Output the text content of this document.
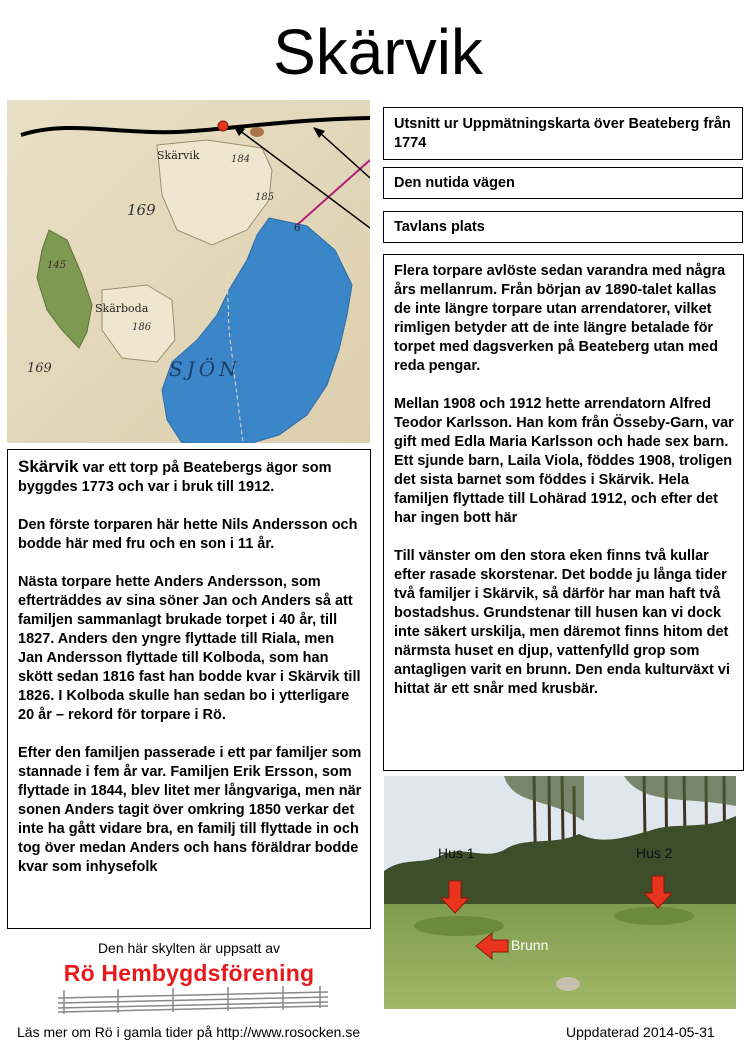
Skärvik
Skärvik	184
185
169
145
Skärboda
186
6
SJÖN
169
Utsnitt ur Uppmätningskarta över Beateberg från 1774
Den nutida vägen
Tavlans plats

Flera torpare avlöste sedan varandra med några års mellanrum. Från början av 1890-talet kallas de inte längre torpare utan arrendatorer, vilket rimligen betyder att de inte längre betalade för torpet med dagsverken på Beateberg utan med reda pengar.

Mellan 1908 och 1912 hette arrendatorn Alfred Teodor Karlsson. Han kom från Össeby-Garn, var gift med Edla Maria Karlsson och hade sex barn. Ett sjunde barn, Laila Viola, föddes 1908, troligen det sista barnet som föddes i Skärvik. Hela familjen flyttade till Lohärad 1912, och efter det har ingen bott här

Till vänster om den stora eken finns två kullar efter rasade skorstenar. Det bodde ju långa tider två familjer i Skärvik, så därför har man haft två bostadshus. Grundstenar till husen kan vi dock inte säkert urskilja, men däremot finns hitom det närmsta huset en djup, vattenfylld grop som antagligen varit en brunn. Den enda kulturväxt vi hittat är ett snår med krusbär.

Skärvik var ett torp på Beatebergs ägor som byggdes 1773 och var i bruk till 1912.

Den förste torparen här hette Nils Andersson och bodde här med fru och en son i 11 år.

Nästa torpare hette Anders Andersson, som efterträddes av sina söner Jan och Anders så att familjen sammanlagt brukade torpet i 40 år, till 1827. Anders den yngre flyttade till Riala, men Jan Andersson flyttade till Kolboda, som han skött sedan 1816 fast han bodde kvar i Skärvik till 1826. I Kolboda skulle han sedan bo i ytterligare 20 år – rekord för torpare i Rö.

Efter den familjen passerade i ett par familjer som stannade i fem år var. Familjen Erik Ersson, som flyttade in 1844, blev litet mer långvariga, men när sonen Anders tagit över omkring 1850 verkar det inte ha gått vidare bra, en familj till flyttade in och tog över medan Anders och hans föräldrar bodde kvar som inhysefolk

Hus 1	Hus 2
Brunn
Den här skylten är uppsatt av
Rö Hembygdsförening
Läs mer om Rö i gamla tider på http://www.rosocken.se	Uppdaterad 2014-05-31
